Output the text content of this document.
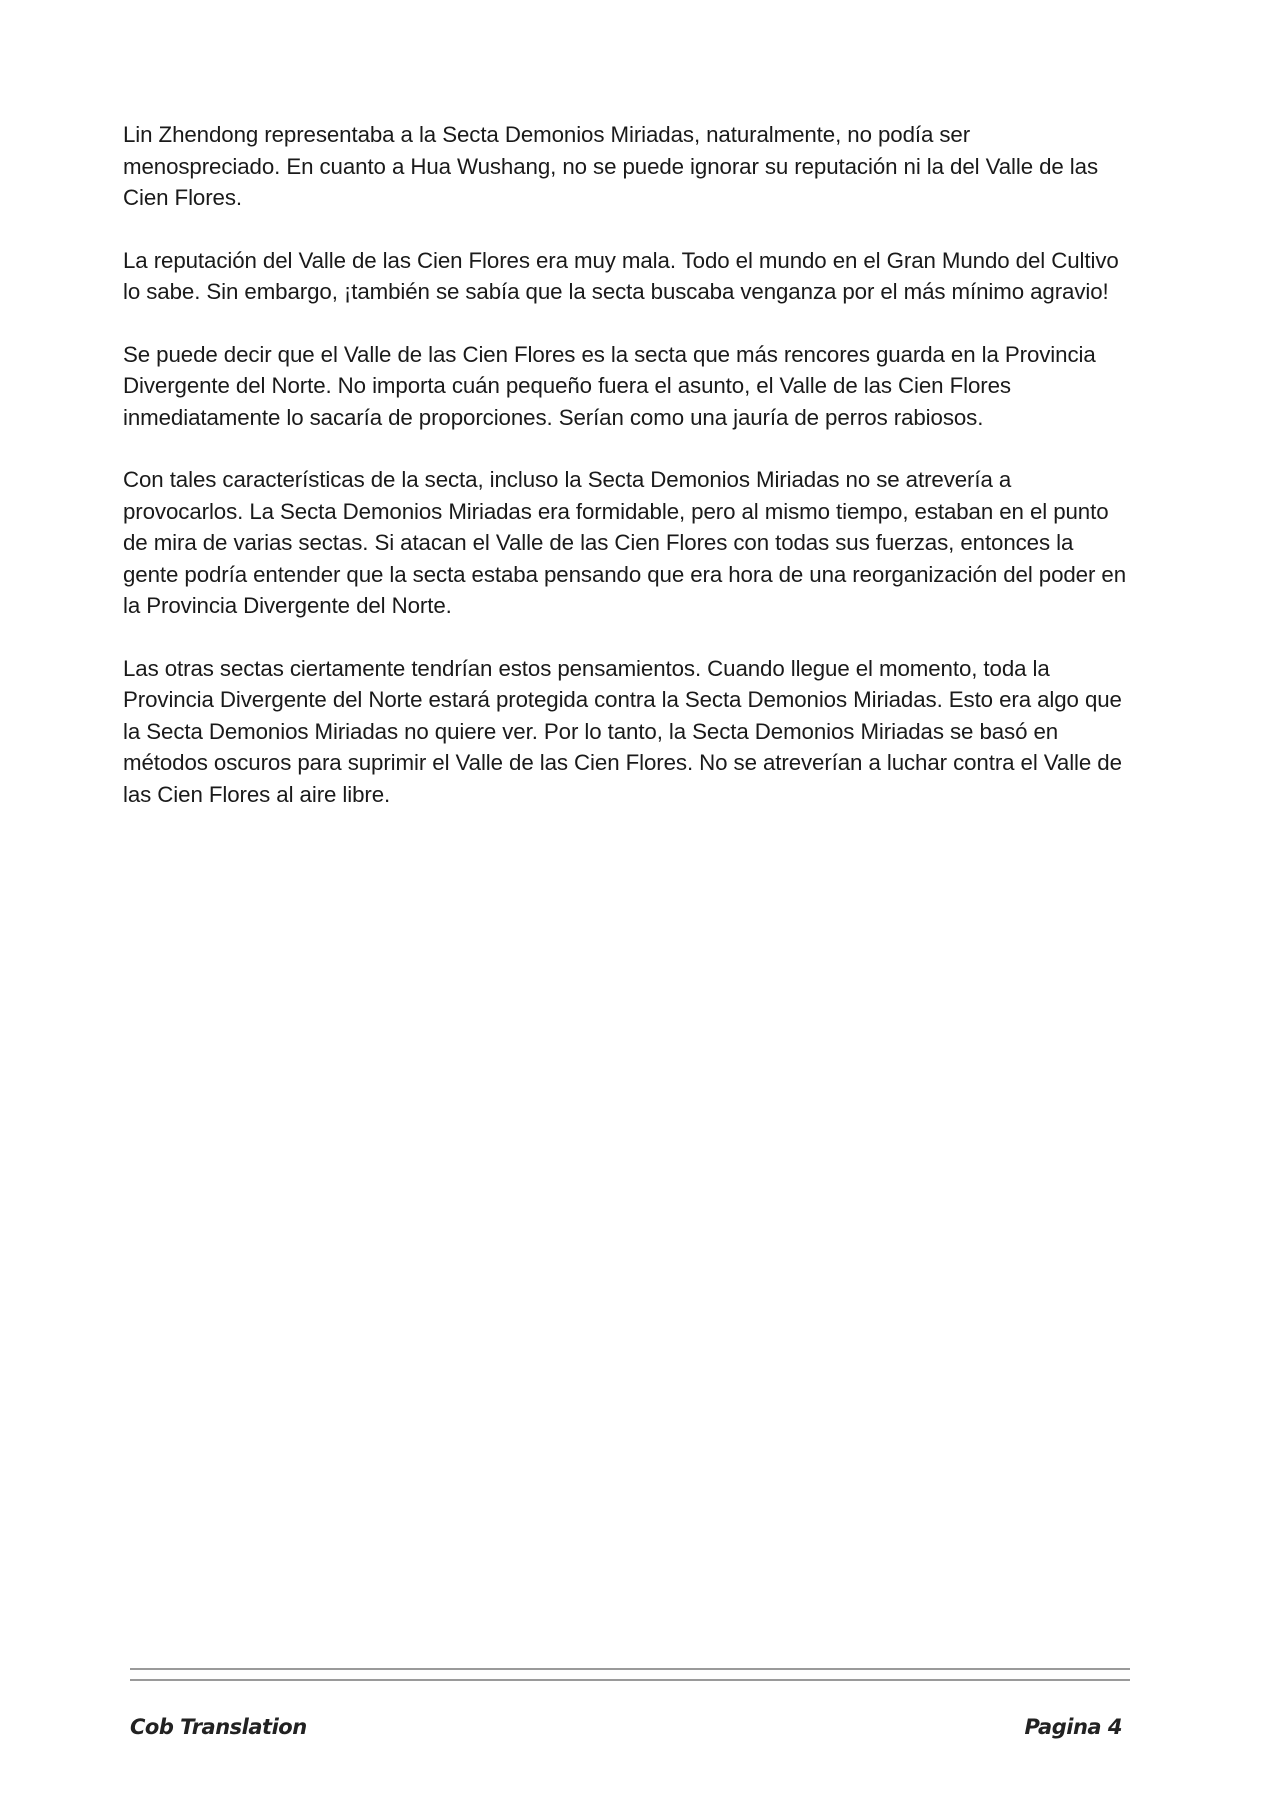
Lin Zhendong representaba a la Secta Demonios Miriadas, naturalmente, no podía ser menospreciado. En cuanto a Hua Wushang, no se puede ignorar su reputación ni la del Valle de las Cien Flores.

La reputación del Valle de las Cien Flores era muy mala. Todo el mundo en el Gran Mundo del Cultivo lo sabe. Sin embargo, ¡también se sabía que la secta buscaba venganza por el más mínimo agravio!

Se puede decir que el Valle de las Cien Flores es la secta que más rencores guarda en la Provincia Divergente del Norte. No importa cuán pequeño fuera el asunto, el Valle de las Cien Flores inmediatamente lo sacaría de proporciones. Serían como una jauría de perros rabiosos.

Con tales características de la secta, incluso la Secta Demonios Miriadas no se atrevería a provocarlos. La Secta Demonios Miriadas era formidable, pero al mismo tiempo, estaban en el punto de mira de varias sectas. Si atacan el Valle de las Cien Flores con todas sus fuerzas, entonces la gente podría entender que la secta estaba pensando que era hora de una reorganización del poder en la Provincia Divergente del Norte.

Las otras sectas ciertamente tendrían estos pensamientos. Cuando llegue el momento, toda la Provincia Divergente del Norte estará protegida contra la Secta Demonios Miriadas. Esto era algo que la Secta Demonios Miriadas no quiere ver. Por lo tanto, la Secta Demonios Miriadas se basó en métodos oscuros para suprimir el Valle de las Cien Flores. No se atreverían a luchar contra el Valle de las Cien Flores al aire libre.

Cob Translation	Pagina 4
